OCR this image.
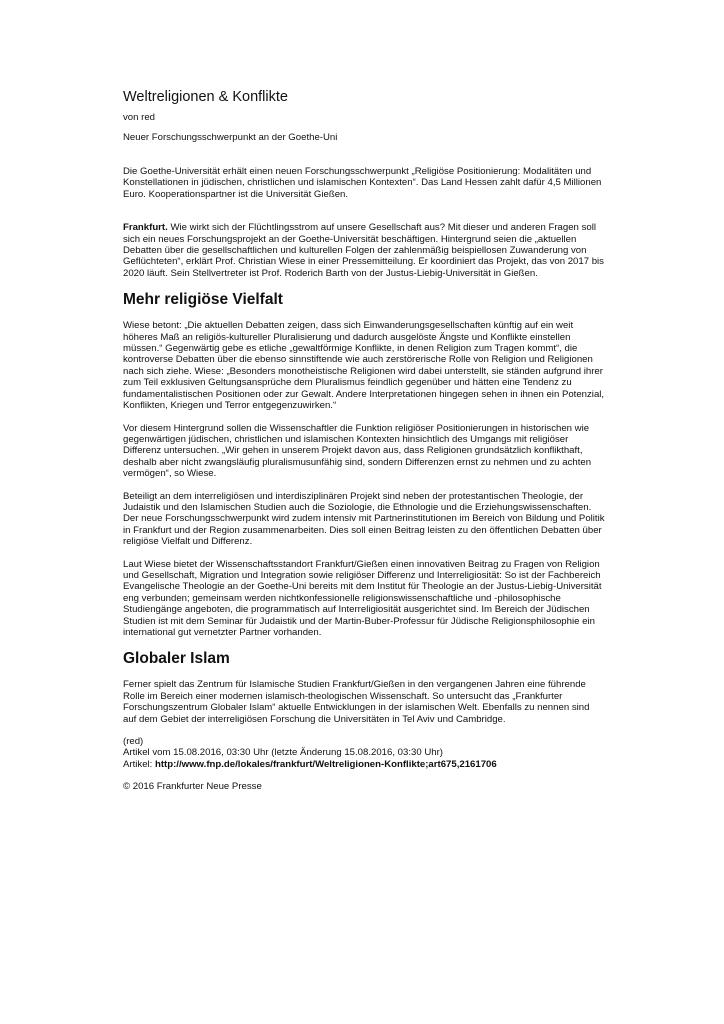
Weltreligionen & Konflikte
von red
Neuer Forschungsschwerpunkt an der Goethe-Uni

Die Goethe-Universität erhält einen neuen Forschungsschwerpunkt „Religiöse Positionierung: Modalitäten und Konstellationen in jüdischen, christlichen und islamischen Kontexten“. Das Land Hessen zahlt dafür 4,5 Millionen Euro. Kooperationspartner ist die Universität Gießen.

Frankfurt. Wie wirkt sich der Flüchtlingsstrom auf unsere Gesellschaft aus? Mit dieser und anderen Fragen soll sich ein neues Forschungsprojekt an der Goethe-Universität beschäftigen. Hintergrund seien die „aktuellen Debatten über die gesellschaftlichen und kulturellen Folgen der zahlenmäßig beispiellosen Zuwanderung von Geflüchteten“, erklärt Prof. Christian Wiese in einer Pressemitteilung. Er koordiniert das Projekt, das von 2017 bis 2020 läuft. Sein Stellvertreter ist Prof. Roderich Barth von der Justus-Liebig-Universität in Gießen.

Mehr religiöse Vielfalt

Wiese betont: „Die aktuellen Debatten zeigen, dass sich Einwanderungsgesellschaften künftig auf ein weit höheres Maß an religiös-kultureller Pluralisierung und dadurch ausgelöste Ängste und Konflikte einstellen müssen.“ Gegenwärtig gebe es etliche „gewaltförmige Konflikte, in denen Religion zum Tragen kommt“, die kontroverse Debatten über die ebenso sinnstiftende wie auch zerstörerische Rolle von Religion und Religionen nach sich ziehe. Wiese: „Besonders monotheistische Religionen wird dabei unterstellt, sie ständen aufgrund ihrer zum Teil exklusiven Geltungsansprüche dem Pluralismus feindlich gegenüber und hätten eine Tendenz zu fundamentalistischen Positionen oder zur Gewalt. Andere Interpretationen hingegen sehen in ihnen ein Potenzial, Konflikten, Kriegen und Terror entgegenzuwirken.“

Vor diesem Hintergrund sollen die Wissenschaftler die Funktion religiöser Positionierungen in historischen wie gegenwärtigen jüdischen, christlichen und islamischen Kontexten hinsichtlich des Umgangs mit religiöser Differenz untersuchen. „Wir gehen in unserem Projekt davon aus, dass Religionen grundsätzlich konflikthaft, deshalb aber nicht zwangsläufig pluralismusunfähig sind, sondern Differenzen ernst zu nehmen und zu achten vermögen“, so Wiese.

Beteiligt an dem interreligiösen und interdisziplinären Projekt sind neben der protestantischen Theologie, der Judaistik und den Islamischen Studien auch die Soziologie, die Ethnologie und die Erziehungswissenschaften. Der neue Forschungsschwerpunkt wird zudem intensiv mit Partnerinstitutionen im Bereich von Bildung und Politik in Frankfurt und der Region zusammenarbeiten. Dies soll einen Beitrag leisten zu den öffentlichen Debatten über religiöse Vielfalt und Differenz.

Laut Wiese bietet der Wissenschaftsstandort Frankfurt/Gießen einen innovativen Beitrag zu Fragen von Religion und Gesellschaft, Migration und Integration sowie religiöser Differenz und Interreligiosität: So ist der Fachbereich Evangelische Theologie an der Goethe-Uni bereits mit dem Institut für Theologie an der Justus-Liebig-Universität eng verbunden; gemeinsam werden nichtkonfessionelle religionswissenschaftliche und -philosophische Studiengänge angeboten, die programmatisch auf Interreligiosität ausgerichtet sind. Im Bereich der Jüdischen Studien ist mit dem Seminar für Judaistik und der Martin-Buber-Professur für Jüdische Religionsphilosophie ein international gut vernetzter Partner vorhanden.

Globaler Islam

Ferner spielt das Zentrum für Islamische Studien Frankfurt/Gießen in den vergangenen Jahren eine führende Rolle im Bereich einer modernen islamisch-theologischen Wissenschaft. So untersucht das „Frankfurter Forschungszentrum Globaler Islam“ aktuelle Entwicklungen in der islamischen Welt. Ebenfalls zu nennen sind auf dem Gebiet der interreligiösen Forschung die Universitäten in Tel Aviv und Cambridge.

(red)
Artikel vom 15.08.2016, 03:30 Uhr (letzte Änderung 15.08.2016, 03:30 Uhr)
Artikel: http://www.fnp.de/lokales/frankfurt/Weltreligionen-Konflikte;art675,2161706
© 2016 Frankfurter Neue Presse
